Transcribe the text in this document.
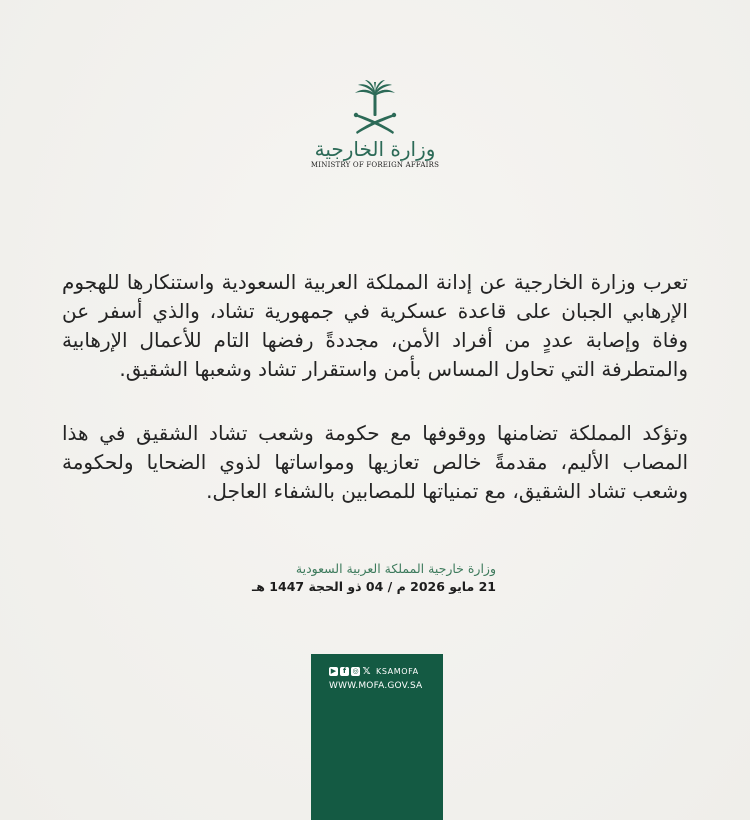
وزارة الخارجية
MINISTRY OF FOREIGN AFFAIRS

تعرب وزارة الخارجية عن إدانة المملكة العربية السعودية واستنكارها للهجوم الإرهابي الجبان على قاعدة عسكرية في جمهورية تشاد، والذي أسفر عن وفاة وإصابة عددٍ من أفراد الأمن، مجددةً رفضها التام للأعمال الإرهابية والمتطرفة التي تحاول المساس بأمن واستقرار تشاد وشعبها الشقيق.

وتؤكد المملكة تضامنها ووقوفها مع حكومة وشعب تشاد الشقيق في هذا المصاب الأليم، مقدمةً خالص تعازيها ومواساتها لذوي الضحايا ولحكومة وشعب تشاد الشقيق، مع تمنياتها للمصابين بالشفاء العاجل.

وزارة خارجية المملكة العربية السعودية
21 مايو 2026 م / 04 ذو الحجة 1447 هـ
▶ f ◎ 𝕏 KSAMOFA
WWW.MOFA.GOV.SA
